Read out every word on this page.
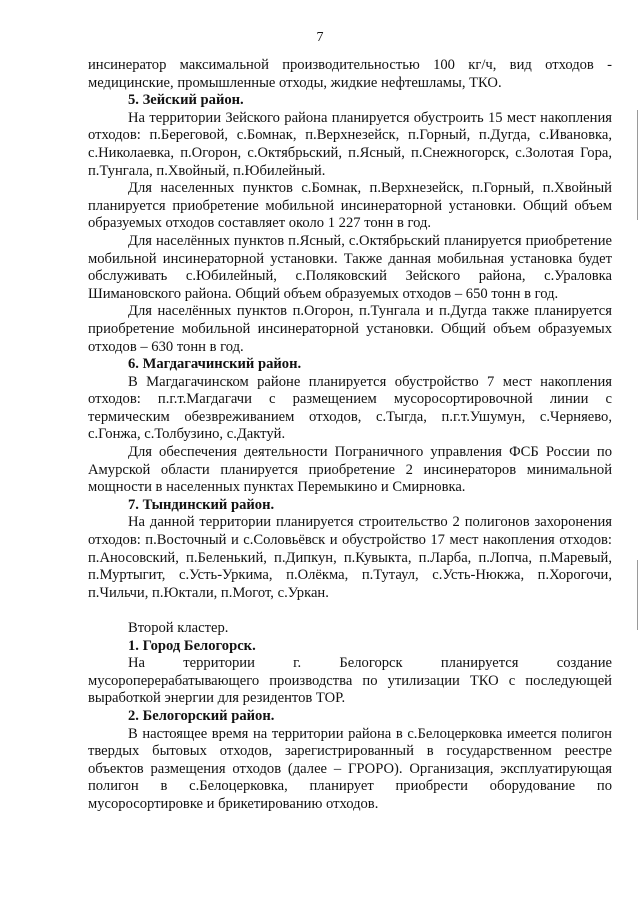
7

инсинератор максимальной производительностью 100 кг/ч, вид отходов - медицинские, промышленные отходы, жидкие нефтешламы, ТКО.

5. Зейский район.

На территории Зейского района планируется обустроить 15 мест накопления отходов: п.Береговой, с.Бомнак, п.Верхнезейск, п.Горный, п.Дугда, с.Ивановка, с.Николаевка, п.Огорон, с.Октябрьский, п.Ясный, п.Снежногорск, с.Золотая Гора, п.Тунгала, п.Хвойный, п.Юбилейный.

Для населенных пунктов с.Бомнак, п.Верхнезейск, п.Горный, п.Хвойный планируется приобретение мобильной инсинераторной установки. Общий объем образуемых отходов составляет около 1 227 тонн в год.

Для населённых пунктов п.Ясный, с.Октябрьский планируется приобретение мобильной инсинераторной установки. Также данная мобильная установка будет обслуживать с.Юбилейный, с.Поляковский Зейского района, с.Ураловка Шимановского района. Общий объем образуемых отходов – 650 тонн в год.

Для населённых пунктов п.Огорон, п.Тунгала и п.Дугда также планируется приобретение мобильной инсинераторной установки. Общий объем образуемых отходов – 630 тонн в год.

6. Магдагачинский район.

В Магдагачинском районе планируется обустройство 7 мест накопления отходов: п.г.т.Магдагачи с размещением мусоросортировочной линии с термическим обезвреживанием отходов, с.Тыгда, п.г.т.Ушумун, с.Черняево, с.Гонжа, с.Толбузино, с.Дактуй.

Для обеспечения деятельности Пограничного управления ФСБ России по Амурской области планируется приобретение 2 инсинераторов минимальной мощности в населенных пунктах Перемыкино и Смирновка.

7. Тындинский район.

На данной территории планируется строительство 2 полигонов захоронения отходов: п.Восточный и с.Соловьёвск и обустройство 17 мест накопления отходов: п.Аносовский, п.Беленький, п.Дипкун, п.Кувыкта, п.Ларба, п.Лопча, п.Маревый, п.Муртыгит, с.Усть-Уркима, п.Олёкма, п.Тутаул, с.Усть-Нюкжа, п.Хорогочи, п.Чильчи, п.Юктали, п.Могот, с.Уркан.

Второй кластер.

1. Город Белогорск.

На территории г. Белогорск планируется создание мусороперерабатывающего производства по утилизации ТКО с последующей выработкой энергии для резидентов ТОР.

2. Белогорский район.

В настоящее время на территории района в с.Белоцерковка имеется полигон твердых бытовых отходов, зарегистрированный в государственном реестре объектов размещения отходов (далее – ГРОРО). Организация, эксплуатирующая полигон в с.Белоцерковка, планирует приобрести оборудование по мусоросортировке и брикетированию отходов.
